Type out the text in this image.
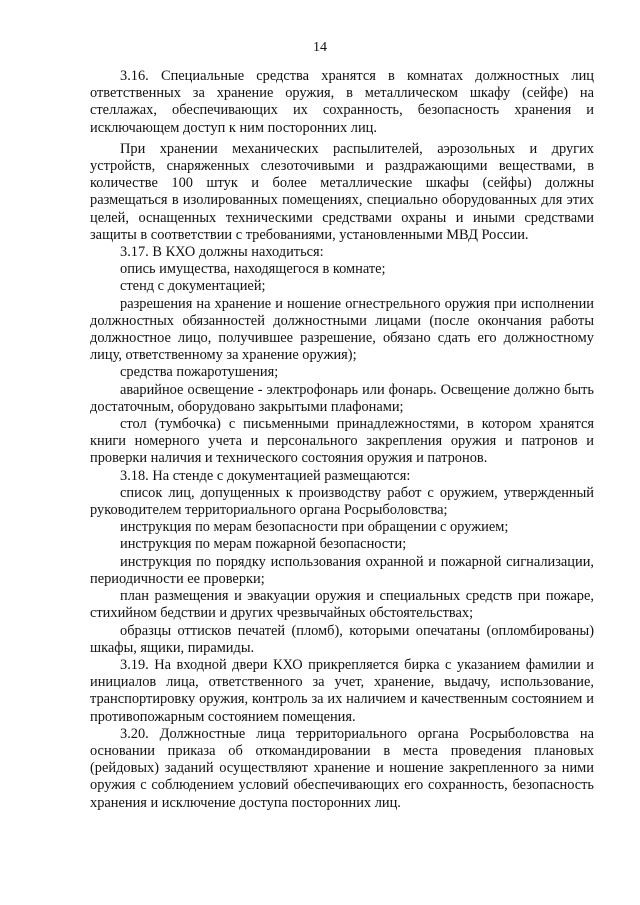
14

3.16. Специальные средства хранятся в комнатах должностных лиц ответственных за хранение оружия, в металлическом шкафу (сейфе) на стеллажах, обеспечивающих их сохранность, безопасность хранения и исключающем доступ к ним посторонних лиц.

При хранении механических распылителей, аэрозольных и других устройств, снаряженных слезоточивыми и раздражающими веществами, в количестве 100 штук и более металлические шкафы (сейфы) должны размещаться в изолированных помещениях, специально оборудованных для этих целей, оснащенных техническими средствами охраны и иными средствами защиты в соответствии с требованиями, установленными МВД России.

3.17. В КХО должны находиться:

опись имущества, находящегося в комнате;

стенд с документацией;

разрешения на хранение и ношение огнестрельного оружия при исполнении должностных обязанностей должностными лицами (после окончания работы должностное лицо, получившее разрешение, обязано сдать его должностному лицу, ответственному за хранение оружия);

средства пожаротушения;

аварийное освещение - электрофонарь или фонарь. Освещение должно быть достаточным, оборудовано закрытыми плафонами;

стол (тумбочка) с письменными принадлежностями, в котором хранятся книги номерного учета и персонального закрепления оружия и патронов и проверки наличия и технического состояния оружия и патронов.

3.18. На стенде с документацией размещаются:

список лиц, допущенных к производству работ с оружием, утвержденный руководителем территориального органа Росрыболовства;

инструкция по мерам безопасности при обращении с оружием;

инструкция по мерам пожарной безопасности;

инструкция по порядку использования охранной и пожарной сигнализации, периодичности ее проверки;

план размещения и эвакуации оружия и специальных средств при пожаре, стихийном бедствии и других чрезвычайных обстоятельствах;

образцы оттисков печатей (пломб), которыми опечатаны (опломбированы) шкафы, ящики, пирамиды.

3.19. На входной двери КХО прикрепляется бирка с указанием фамилии и инициалов лица, ответственного за учет, хранение, выдачу, использование, транспортировку оружия, контроль за их наличием и качественным состоянием и противопожарным состоянием помещения.

3.20. Должностные лица территориального органа Росрыболовства на основании приказа об откомандировании в места проведения плановых (рейдовых) заданий осуществляют хранение и ношение закрепленного за ними оружия с соблюдением условий обеспечивающих его сохранность, безопасность хранения и исключение доступа посторонних лиц.
